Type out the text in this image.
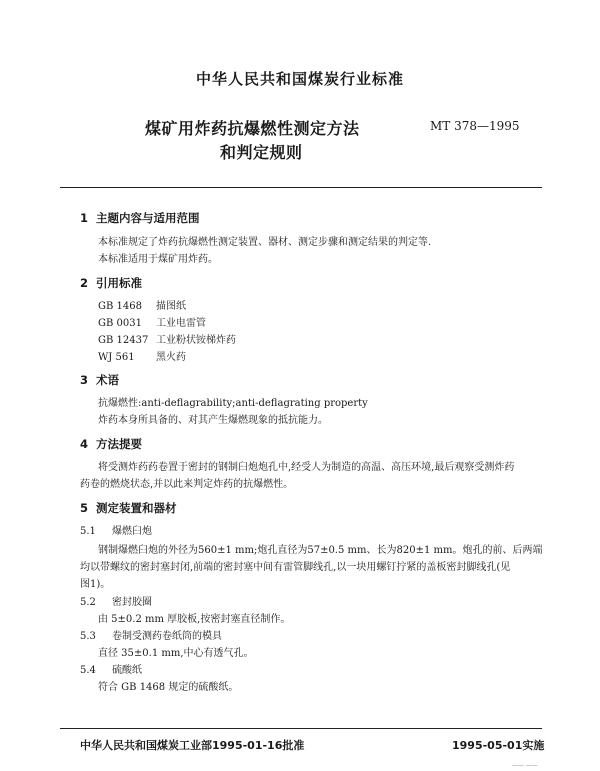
中华人民共和国煤炭行业标准
煤矿用炸药抗爆燃性测定方法
和判定规则
MT 378—1995
1 主题内容与适用范围
本标准规定了炸药抗爆燃性测定装置、器材、测定步骤和测定结果的判定等.
本标准适用于煤矿用炸药。
2 引用标准
GB 1468 描图纸
GB 0031 工业电雷管
GB 12437 工业粉状铵梯炸药
WJ 561 黑火药
3 术语
抗爆燃性:anti-deflagrability;anti-deflagrating property
炸药本身所具备的、对其产生爆燃现象的抵抗能力。
4 方法提要
将受测炸药药卷置于密封的钢制臼炮炮孔中,经受人为制造的高温、高压环境,最后观察受测炸药
药卷的燃烧状态,并以此来判定炸药的抗爆燃性。
5 测定装置和器材
5.1 爆燃臼炮
钢制爆燃臼炮的外径为560±1 mm;炮孔直径为57±0.5 mm、长为820±1 mm。炮孔的前、后两端
均以带螺纹的密封塞封闭,前端的密封塞中间有雷管脚线孔,以一块用螺钉拧紧的盖板密封脚线孔(见
图1)。
5.2 密封胶圈
由 5±0.2 mm 厚胶板,按密封塞直径制作。
5.3 卷制受测药卷纸筒的模具
直径 35±0.1 mm,中心有透气孔。
5.4 硫酸纸
符合 GB 1468 规定的硫酸纸。
中华人民共和国煤炭工业部1995-01-16批准	1995-05-01实施
—— ——
